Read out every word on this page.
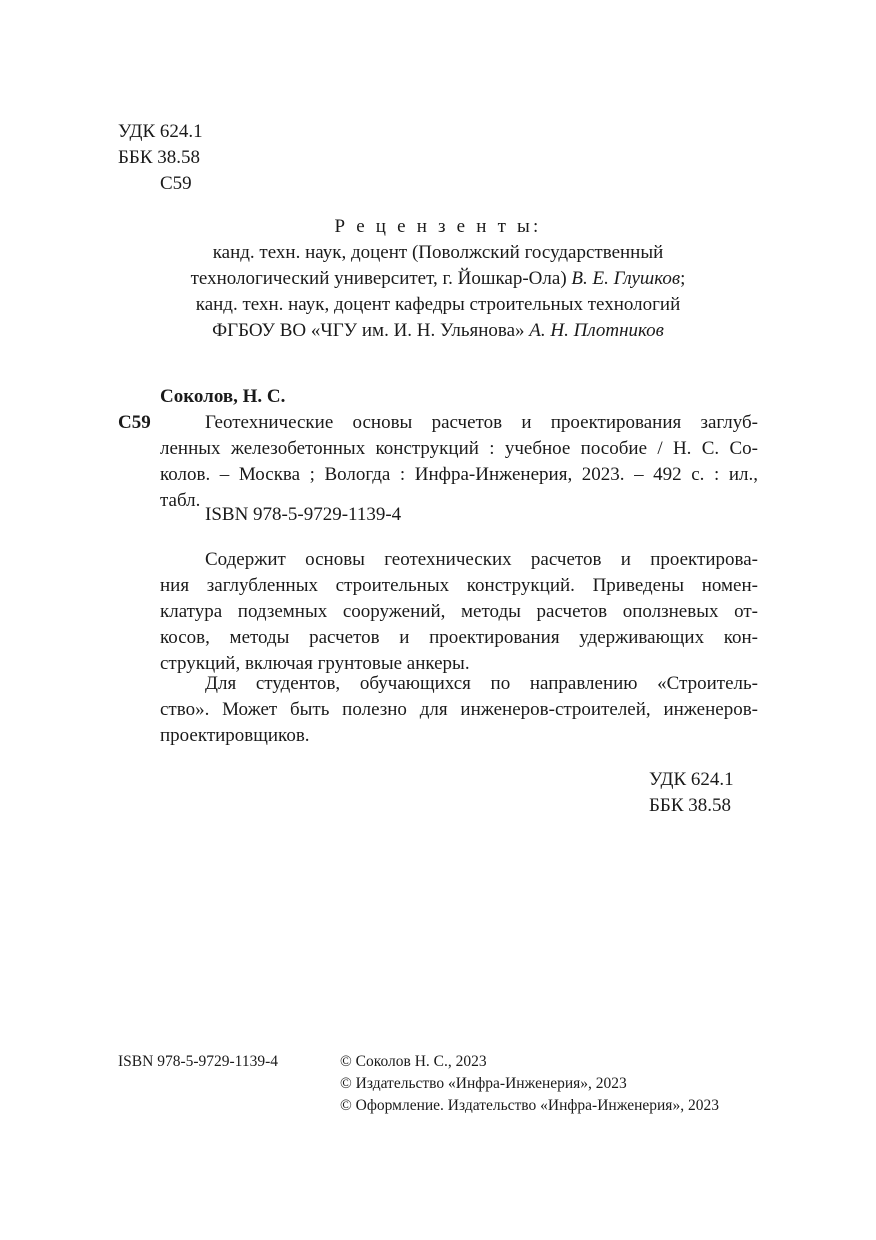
УДК 624.1
ББК 38.58
С59
Р е ц е н з е н т ы:
канд. техн. наук, доцент (Поволжский государственный
технологический университет, г. Йошкар-Ола) В. Е. Глушков;
канд. техн. наук, доцент кафедры строительных технологий
ФГБОУ ВО «ЧГУ им. И. Н. Ульянова» А. Н. Плотников
Соколов, Н. С.
С59	Геотехнические основы расчетов и проектирования заглуб-
ленных железобетонных конструкций : учебное пособие / Н. С. Со-
колов. – Москва ; Вологда : Инфра-Инженерия, 2023. – 492 с. : ил.,
табл.
ISBN 978-5-9729-1139-4
Содержит основы геотехнических расчетов и проектирова-
ния заглубленных строительных конструкций. Приведены номен-
клатура подземных сооружений, методы расчетов оползневых от-
косов, методы расчетов и проектирования удерживающих кон-
струкций, включая грунтовые анкеры.
Для студентов, обучающихся по направлению «Строитель-
ство». Может быть полезно для инженеров-строителей, инженеров-
проектировщиков.
УДК 624.1
ББК 38.58
ISBN 978-5-9729-1139-4	© Соколов Н. С., 2023
© Издательство «Инфра-Инженерия», 2023
© Оформление. Издательство «Инфра-Инженерия», 2023
